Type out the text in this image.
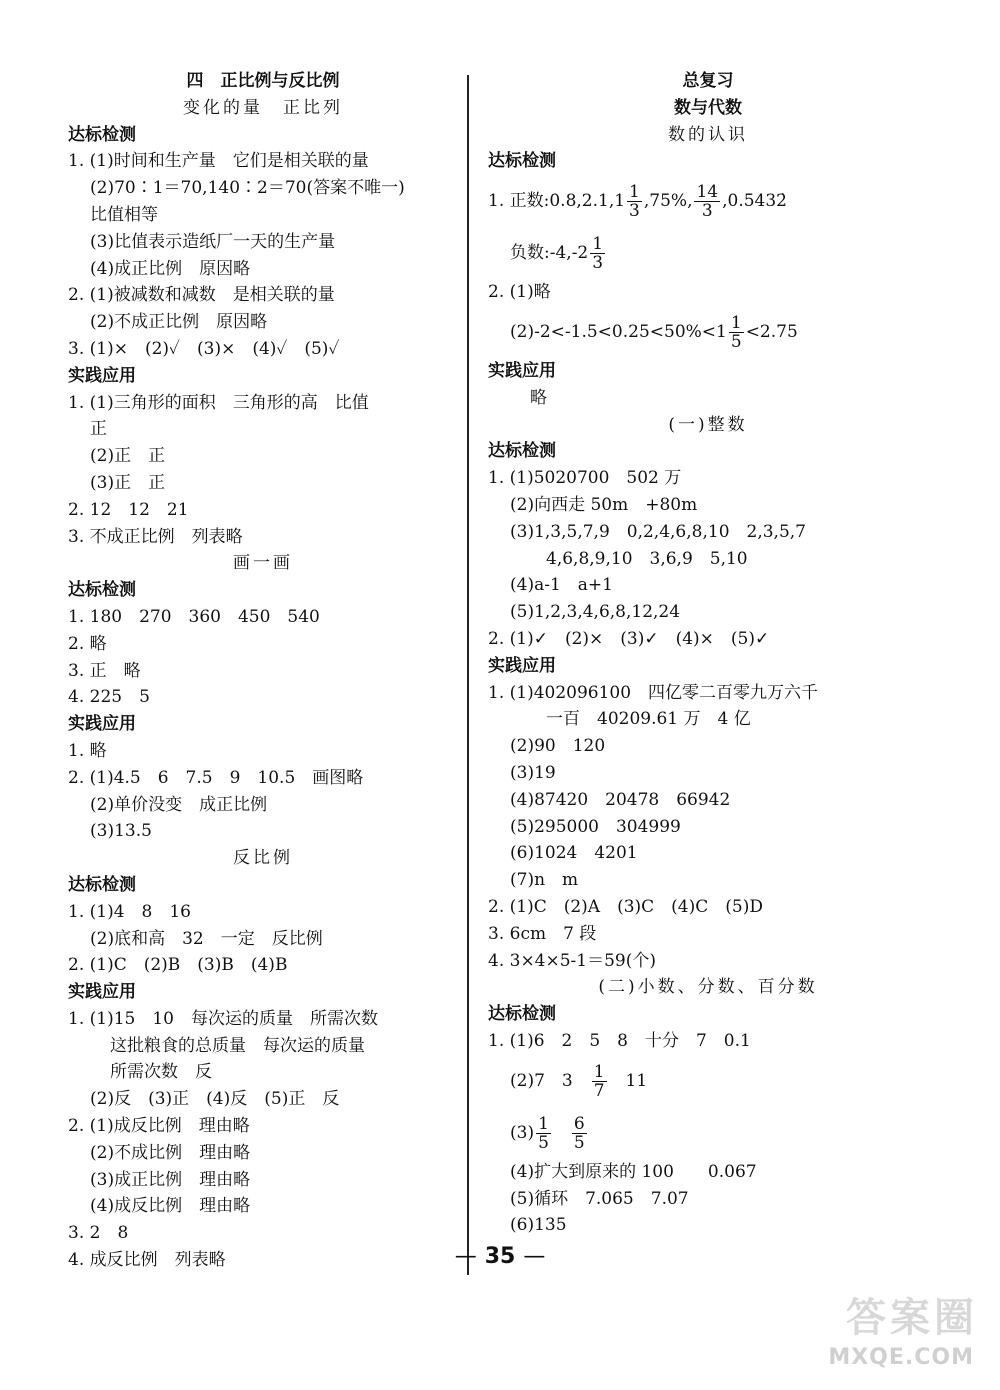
四　正比例与反比例
变化的量　正比列
达标检测
1. (1)时间和生产量　它们是相关联的量
(2)70∶1＝70,140∶2＝70(答案不唯一)
比值相等
(3)比值表示造纸厂一天的生产量
(4)成正比例　原因略
2. (1)被减数和减数　是相关联的量
(2)不成正比例　原因略
3. (1)×　(2)✓　(3)×　(4)✓　(5)✓
实践应用
1. (1)三角形的面积　三角形的高　比值
正
(2)正　正
(3)正　正
2. 12　12　21
3. 不成正比例　列表略
画一画
达标检测
1. 180　270　360　450　540
2. 略
3. 正　略
4. 225　5
实践应用
1. 略
2. (1)4.5　6　7.5　9　10.5　画图略
(2)单价没变　成正比例
(3)13.5
反比例
达标检测
1. (1)4　8　16
(2)底和高　32　一定　反比例
2. (1)C　(2)B　(3)B　(4)B
实践应用
1. (1)15　10　每次运的质量　所需次数
这批粮食的总质量　每次运的质量
所需次数　反
(2)反　(3)正　(4)反　(5)正　反
2. (1)成反比例　理由略
(2)不成比例　理由略
(3)成正比例　理由略
(4)成反比例　理由略
3. 2　8
4. 成反比例　列表略
总复习
数与代数
数的认识
达标检测
1. 正数:0.8,2.1,1 $\frac{1}{3} ,75\%$, $\frac{14}{3}$ ,0.5432̇
负数:-4,-2 $\frac{1}{3}$
2. (1)略
$(2)-2<-1.5<0.25<50\%<1 \frac{1}{5} <2.75$
实践应用
略
(一)整数
达标检测
1. (1)5020700　502 万
(2)向西走 50m　+80m
(3)1,3,5,7,9　0,2,4,6,8,10　2,3,5,7
4,6,8,9,10　3,6,9　5,10
(4)a-1　a+1
(5)1,2,3,4,6,8,12,24
2. (1)✓　(2)×　(3)✓　(4)×　(5)✓
实践应用
1. (1)402096100　四亿零二百零九万六千
一百　40209.61 万　4 亿
(2)90　120
(3)19
(4)87420　20478　66942
(5)295000　304999
(6)1024　4201
(7)n　m
2. (1)C　(2)A　(3)C　(4)C　(5)D
3. 6cm　7 段
4. 3×4×5-1＝59(个)
(二)小数、分数、百分数
达标检测
1. (1)6　2　5　8　十分　7　0.1
(2)7　3　 $\frac{1}{7}$
　 11
$(3) \frac{1}{5}$
　 $\frac{6}{5}$
(4)扩大到原来的 100　　0.067
(5)循环　7.065̇　7.07
(6)135
— 35 —
答案圈
MXQE.COM
